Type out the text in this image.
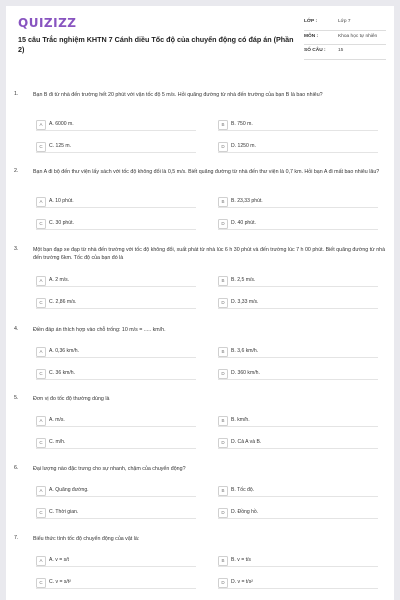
QUIZIZZ
15 câu Trắc nghiệm KHTN 7 Cánh diều Tốc độ của chuyển động có đáp án (Phần 2)
LỚP :	Lớp 7
MÔN :	Khoa học tự nhiên
SỐ CÂU :	15
1.	Bạn B đi từ nhà đến trường hết 20 phút với vận tốc độ 5 m/s. Hỏi quãng đường từ nhà đến trường của bạn B là bao nhiêu?
A	A. 6000 m.	B	B. 750 m.
C	C. 125 m.	D	D. 1250 m.
2.	Bạn A đi bộ đến thư viện lấy sách với tốc độ không đổi là 0,5 m/s. Biết quãng đường từ nhà đến thư viện là 0,7 km. Hỏi bạn A đi mất bao nhiêu lâu?
A	A. 10 phút.	B	B. 23,33 phút.
C	C. 30 phút.	D	D. 40 phút.
3.	Một bạn đạp xe đạp từ nhà đến trường với tốc độ không đổi, xuất phát từ nhà lúc 6 h 30 phút và đến trường lúc 7 h 00 phút. Biết quãng đường từ nhà đến trường 6km. Tốc độ của bạn đó là
A	A. 2 m/s.	B	B. 2,5 m/s.
C	C. 2,86 m/s.	D	D. 3,33 m/s.
4.	Điền đáp án thích hợp vào chỗ trống: 10 m/s = ..... km/h.
A	A. 0,36 km/h.	B	B. 3,6 km/h.
C	C. 36 km/h.	D	D. 360 km/h.
5.	Đơn vị đo tốc độ thường dùng là
A	A. m/s.	B	B. km/h.
C	C. m/h.	D	D. Cả A và B.
6.	Đại lượng nào đặc trưng cho sự nhanh, chậm của chuyển động?
A	A. Quãng đường.	B	B. Tốc độ.
C	C. Thời gian.	D	D. Đồng hồ.
7.	Biểu thức tính tốc độ chuyển động của vật là:
A	A. v = s/t	B	B. v = t/s
C	C. v = s/t²	D	D. v = t/s²
